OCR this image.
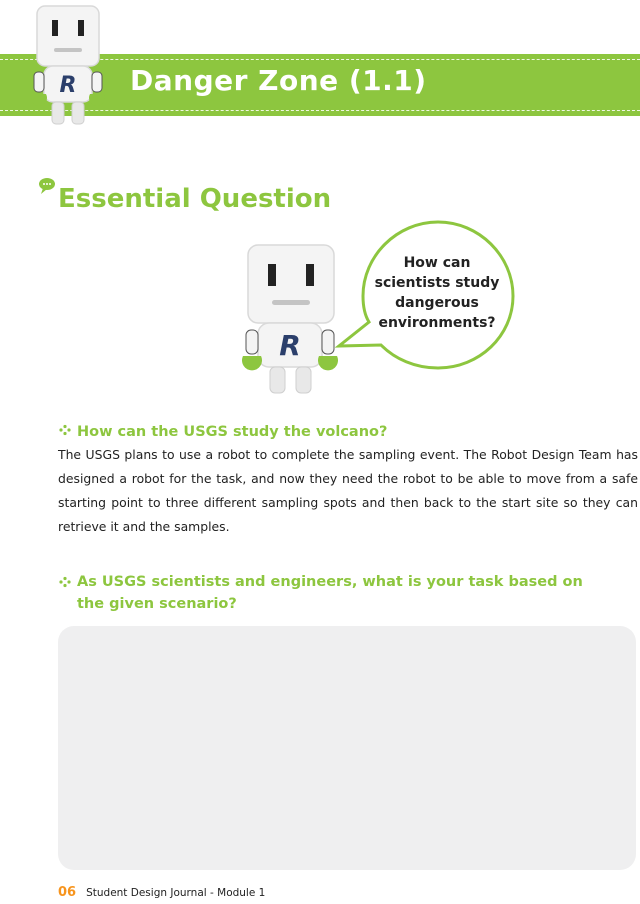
Danger Zone (1.1)
R
Essential Question
R
How can
scientists study
dangerous
environments?
How can the USGS study the volcano?
The USGS plans to use a robot to complete the sampling event. The Robot Design Team has designed a robot for the task, and now they need the robot to be able to move from a safe starting point to three different sampling spots and then back to the start site so they can retrieve it and the samples.
As USGS scientists and engineers, what is your task based on the given scenario?
06 Student Design Journal - Module 1
